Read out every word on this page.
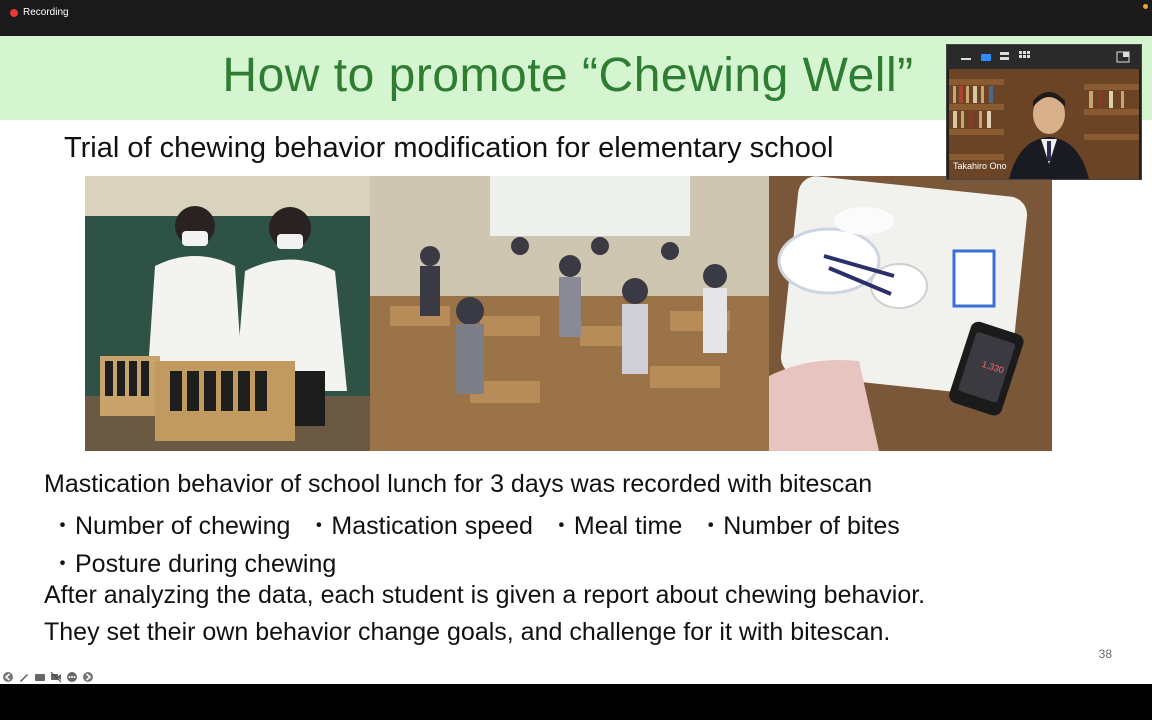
Recording
How to promote “Chewing Well”
Trial of chewing behavior modification for elementary school
1,330
Mastication behavior of school lunch for 3 days was recorded with bitescan
・Number of chewing ・Mastication speed ・Meal time ・Number of bites
・Posture during chewing
After analyzing the data, each student is given a report about chewing behavior.
They set their own behavior change goals, and challenge for it with bitescan.
38
Takahiro Ono
